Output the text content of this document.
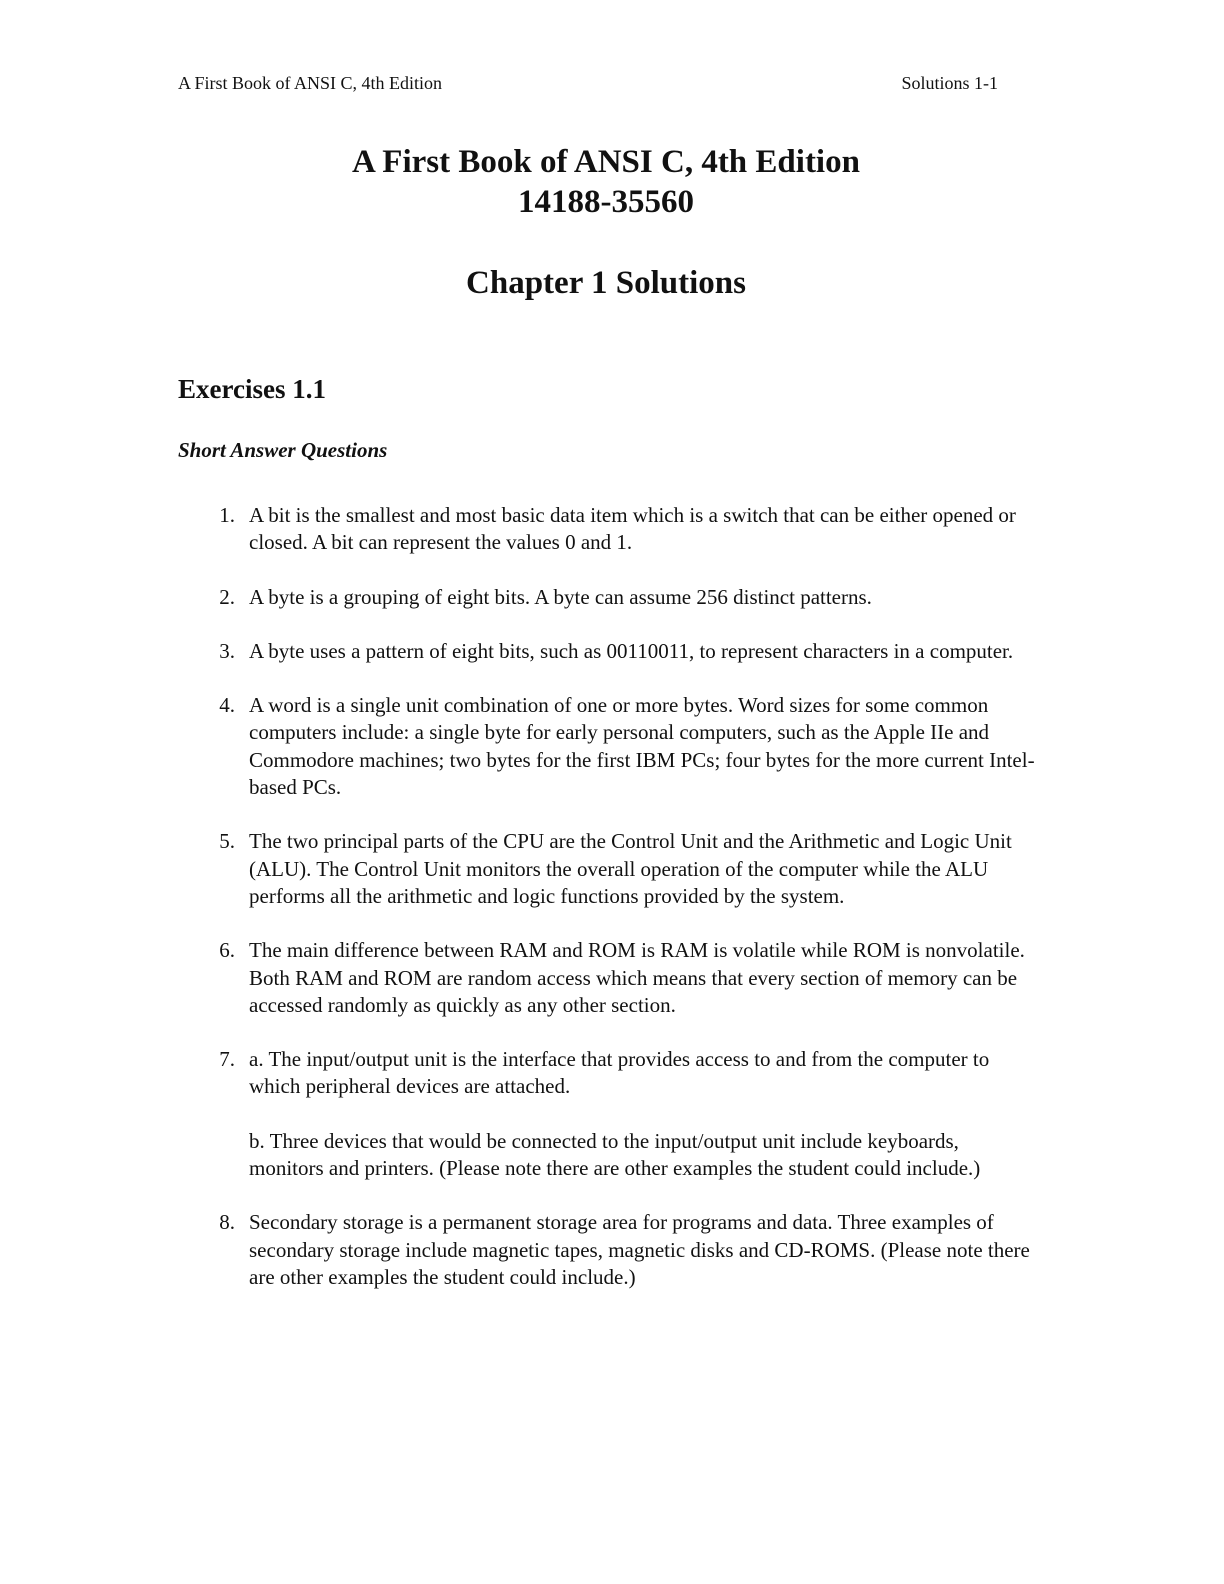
A First Book of ANSI C, 4th Edition	Solutions 1-1
A First Book of ANSI C, 4th Edition
14188-35560
Chapter 1 Solutions
Exercises 1.1
Short Answer Questions
1. A bit is the smallest and most basic data item which is a switch that can be either opened or closed. A bit can represent the values 0 and 1.
2. A byte is a grouping of eight bits. A byte can assume 256 distinct patterns.
3. A byte uses a pattern of eight bits, such as 00110011, to represent characters in a computer.
4. A word is a single unit combination of one or more bytes. Word sizes for some common computers include: a single byte for early personal computers, such as the Apple IIe and Commodore machines; two bytes for the first IBM PCs; four bytes for the more current Intel-based PCs.
5. The two principal parts of the CPU are the Control Unit and the Arithmetic and Logic Unit (ALU). The Control Unit monitors the overall operation of the computer while the ALU performs all the arithmetic and logic functions provided by the system.
6. The main difference between RAM and ROM is RAM is volatile while ROM is nonvolatile. Both RAM and ROM are random access which means that every section of memory can be accessed randomly as quickly as any other section.
7. a. The input/output unit is the interface that provides access to and from the computer to which peripheral devices are attached.
b. Three devices that would be connected to the input/output unit include keyboards, monitors and printers. (Please note there are other examples the student could include.)
8. Secondary storage is a permanent storage area for programs and data. Three examples of secondary storage include magnetic tapes, magnetic disks and CD-ROMS. (Please note there are other examples the student could include.)
